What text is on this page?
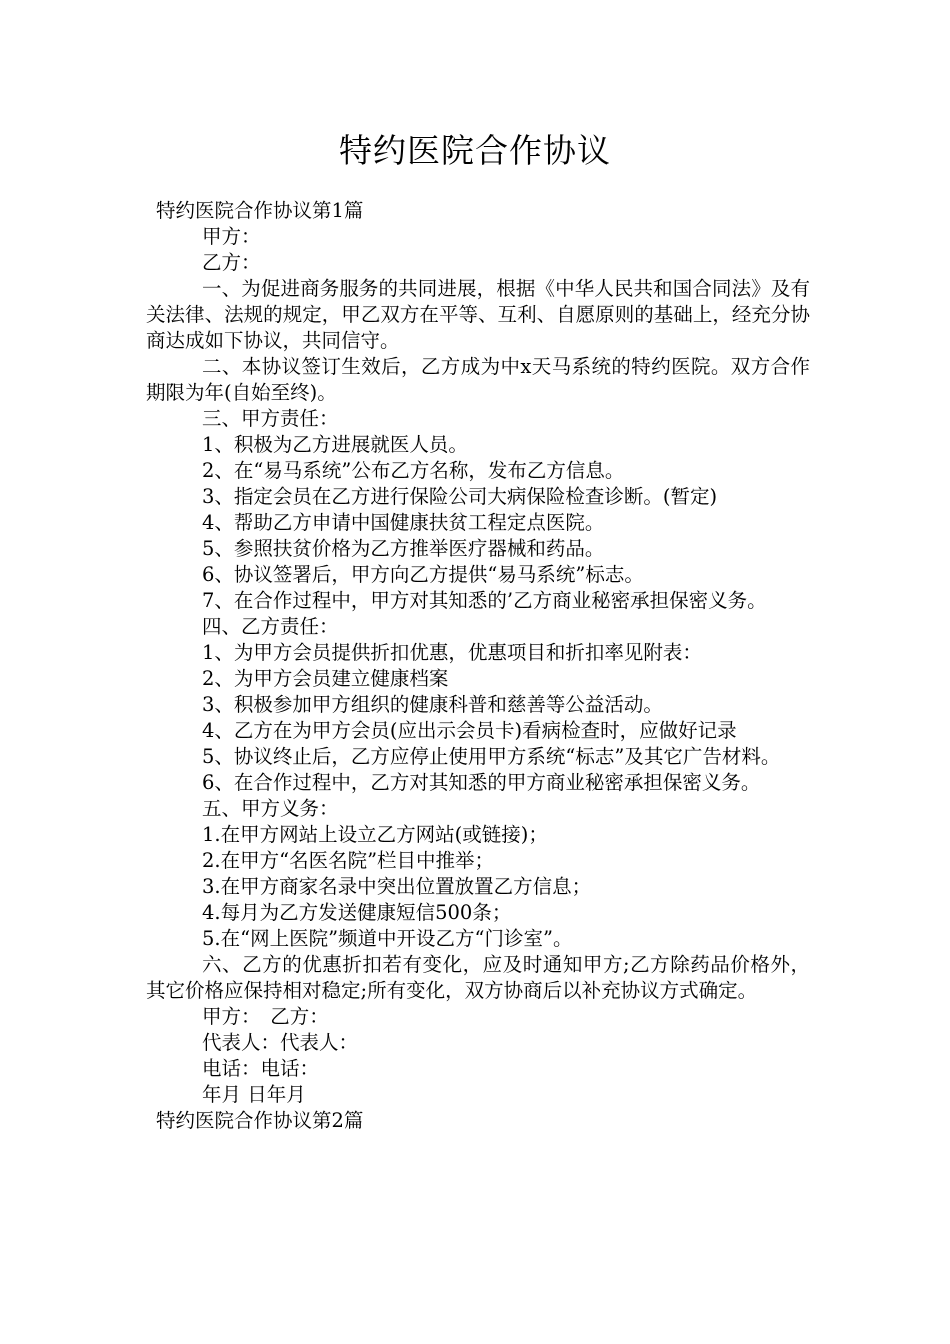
特约医院合作协议

特约医院合作协议第1篇

甲方：

乙方：

一、为促进商务服务的共同进展，根据《中华人民共和国合同法》及有关法律、法规的规定，甲乙双方在平等、互利、自愿原则的基础上，经充分协商达成如下协议，共同信守。

二、本协议签订生效后，乙方成为中x天马系统的特约医院。双方合作期限为年(自始至终)。

三、甲方责任：

1、积极为乙方进展就医人员。

2、在“易马系统”公布乙方名称，发布乙方信息。

3、指定会员在乙方进行保险公司大病保险检查诊断。(暂定)

4、帮助乙方申请中国健康扶贫工程定点医院。

5、参照扶贫价格为乙方推举医疗器械和药品。

6、协议签署后，甲方向乙方提供“易马系统”标志。

7、在合作过程中，甲方对其知悉的’乙方商业秘密承担保密义务。

四、乙方责任：

1、为甲方会员提供折扣优惠，优惠项目和折扣率见附表：

2、为甲方会员建立健康档案

3、积极参加甲方组织的健康科普和慈善等公益活动。

4、乙方在为甲方会员(应出示会员卡)看病检查时，应做好记录

5、协议终止后，乙方应停止使用甲方系统“标志”及其它广告材料。

6、在合作过程中，乙方对其知悉的甲方商业秘密承担保密义务。

五、甲方义务：

1.在甲方网站上设立乙方网站(或链接)；

2.在甲方“名医名院”栏目中推举；

3.在甲方商家名录中突出位置放置乙方信息；

4.每月为乙方发送健康短信500条；

5.在“网上医院”频道中开设乙方“门诊室”。

六、乙方的优惠折扣若有变化，应及时通知甲方;乙方除药品价格外，其它价格应保持相对稳定;所有变化，双方协商后以补充协议方式确定。

甲方：　乙方：

代表人：代表人：

电话：电话：

年月 日年月

特约医院合作协议第2篇
